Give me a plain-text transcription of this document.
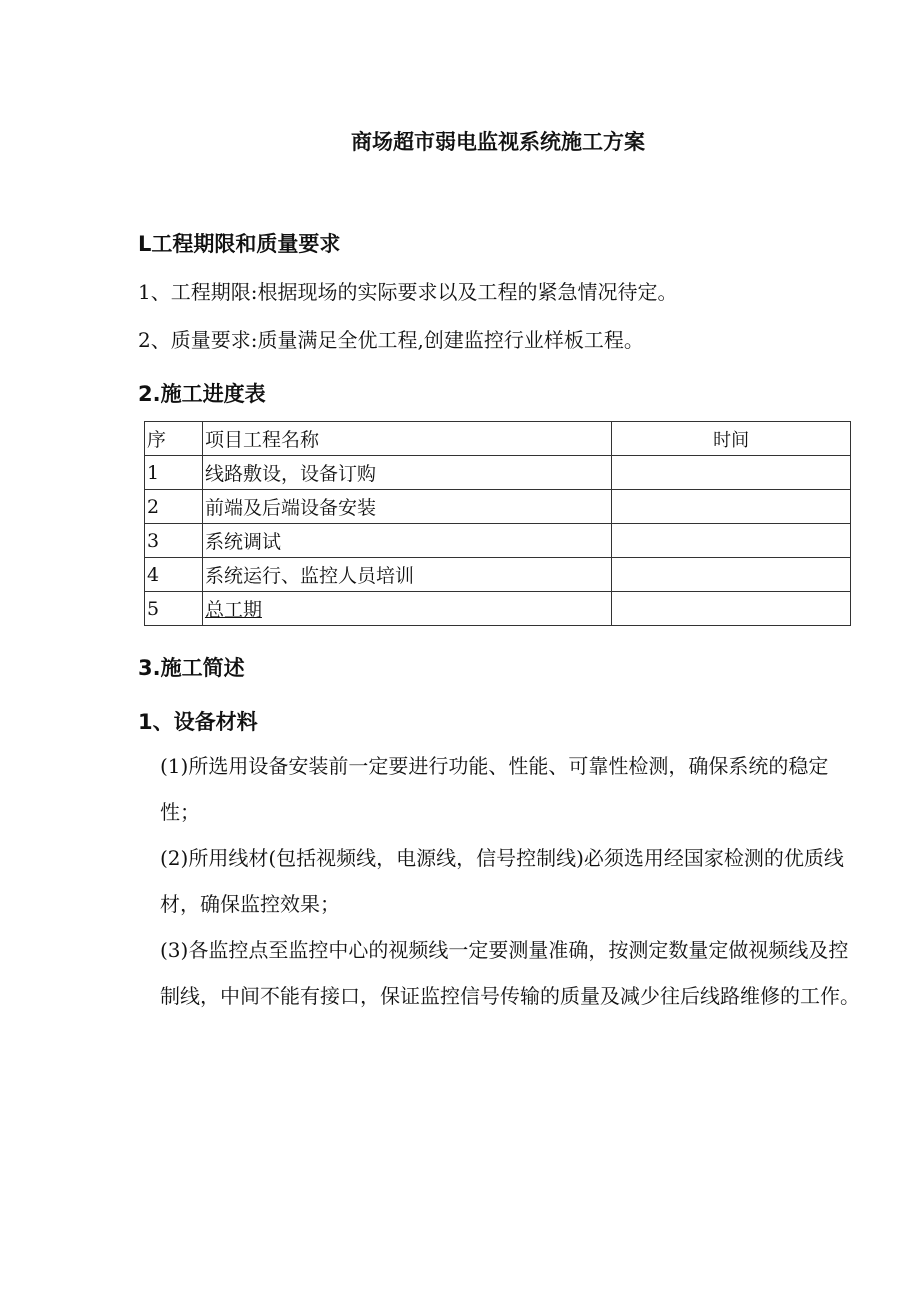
商场超市弱电监视系统施工方案
L工程期限和质量要求
1、工程期限:根据现场的实际要求以及工程的紧急情况待定。
2、质量要求:质量满足全优工程,创建监控行业样板工程。
2.施工进度表
序	项目工程名称	时间
1	线路敷设，设备订购	
2	前端及后端设备安装	
3	系统调试	
4	系统运行、监控人员培训	
5	总工期	
3.施工简述
1、设备材料
(1)所选用设备安装前一定要进行功能、性能、可靠性检测，确保系统的稳定性；
(2)所用线材(包括视频线，电源线，信号控制线)必须选用经国家检测的优质线材，确保监控效果；
(3)各监控点至监控中心的视频线一定要测量准确，按测定数量定做视频线及控制线，中间不能有接口，保证监控信号传输的质量及减少往后线路维修的工作。
